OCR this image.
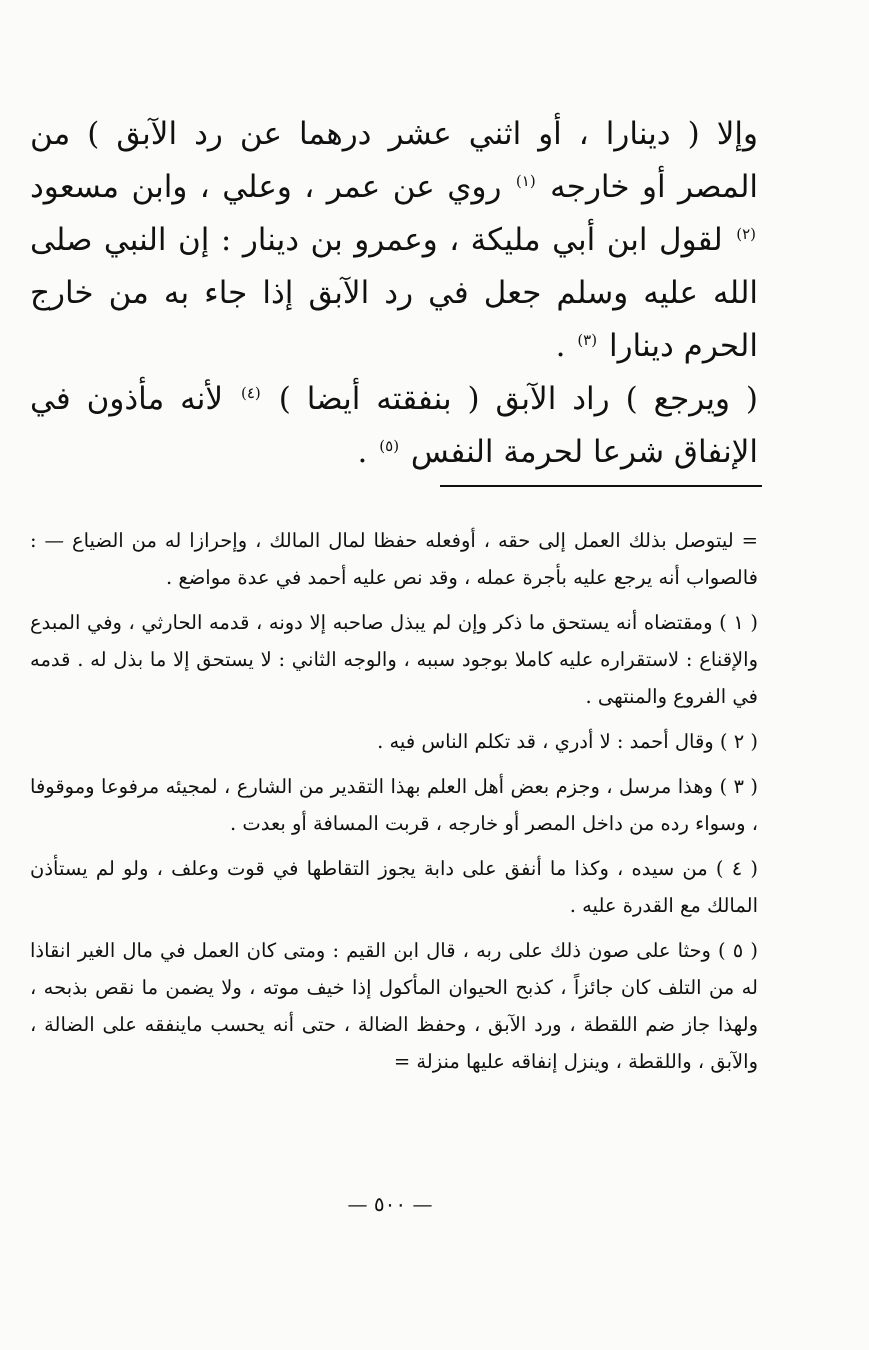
وإلا ( دينارا ، أو اثني عشر درهما عن رد الآبق ) من المصر أو خارجه $^{(١)}$ روي عن عمر ، وعلي ، وابن مسعود $^{(٢)}$ لقول ابن أبي مليكة ، وعمرو بن دينار : إن النبي صلى الله عليه وسلم جعل في رد الآبق إذا جاء به من خارج الحرم دينارا $^{(٣)}$ .

( ويرجع ) راد الآبق ( بنفقته أيضا ) $^{(٤)}$ لأنه مأذون في الإنفاق شرعا لحرمة النفس $^{(٥)}$ .

= ليتوصل بذلك العمل إلى حقه ، أوفعله حفظا لمال المالك ، وإحرازا له من الضياع — : فالصواب أنه يرجع عليه بأجرة عمله ، وقد نص عليه أحمد في عدة مواضع .

( ١ ) ومقتضاه أنه يستحق ما ذكر وإن لم يبذل صاحبه إلا دونه ، قدمه الحارثي ، وفي المبدع والإقناع : لاستقراره عليه كاملا بوجود سببه ، والوجه الثاني : لا يستحق إلا ما بذل له . قدمه في الفروع والمنتهى .

( ٢ ) وقال أحمد : لا أدري ، قد تكلم الناس فيه .

( ٣ ) وهذا مرسل ، وجزم بعض أهل العلم بهذا التقدير من الشارع ، لمجيئه مرفوعا وموقوفا ، وسواء رده من داخل المصر أو خارجه ، قربت المسافة أو بعدت .

( ٤ ) من سيده ، وكذا ما أنفق على دابة يجوز التقاطها في قوت وعلف ، ولو لم يستأذن المالك مع القدرة عليه .

( ٥ ) وحثا على صون ذلك على ربه ، قال ابن القيم : ومتى كان العمل في مال الغير انقاذا له من التلف كان جائزاً ، كذبح الحيوان المأكول إذا خيف موته ، ولا يضمن ما نقص بذبحه ، ولهذا جاز ضم اللقطة ، ورد الآبق ، وحفظ الضالة ، حتى أنه يحسب ماينفقه على الضالة ، والآبق ، واللقطة ، وينزل إنفاقه عليها منزلة =

— ٥٠٠ —
